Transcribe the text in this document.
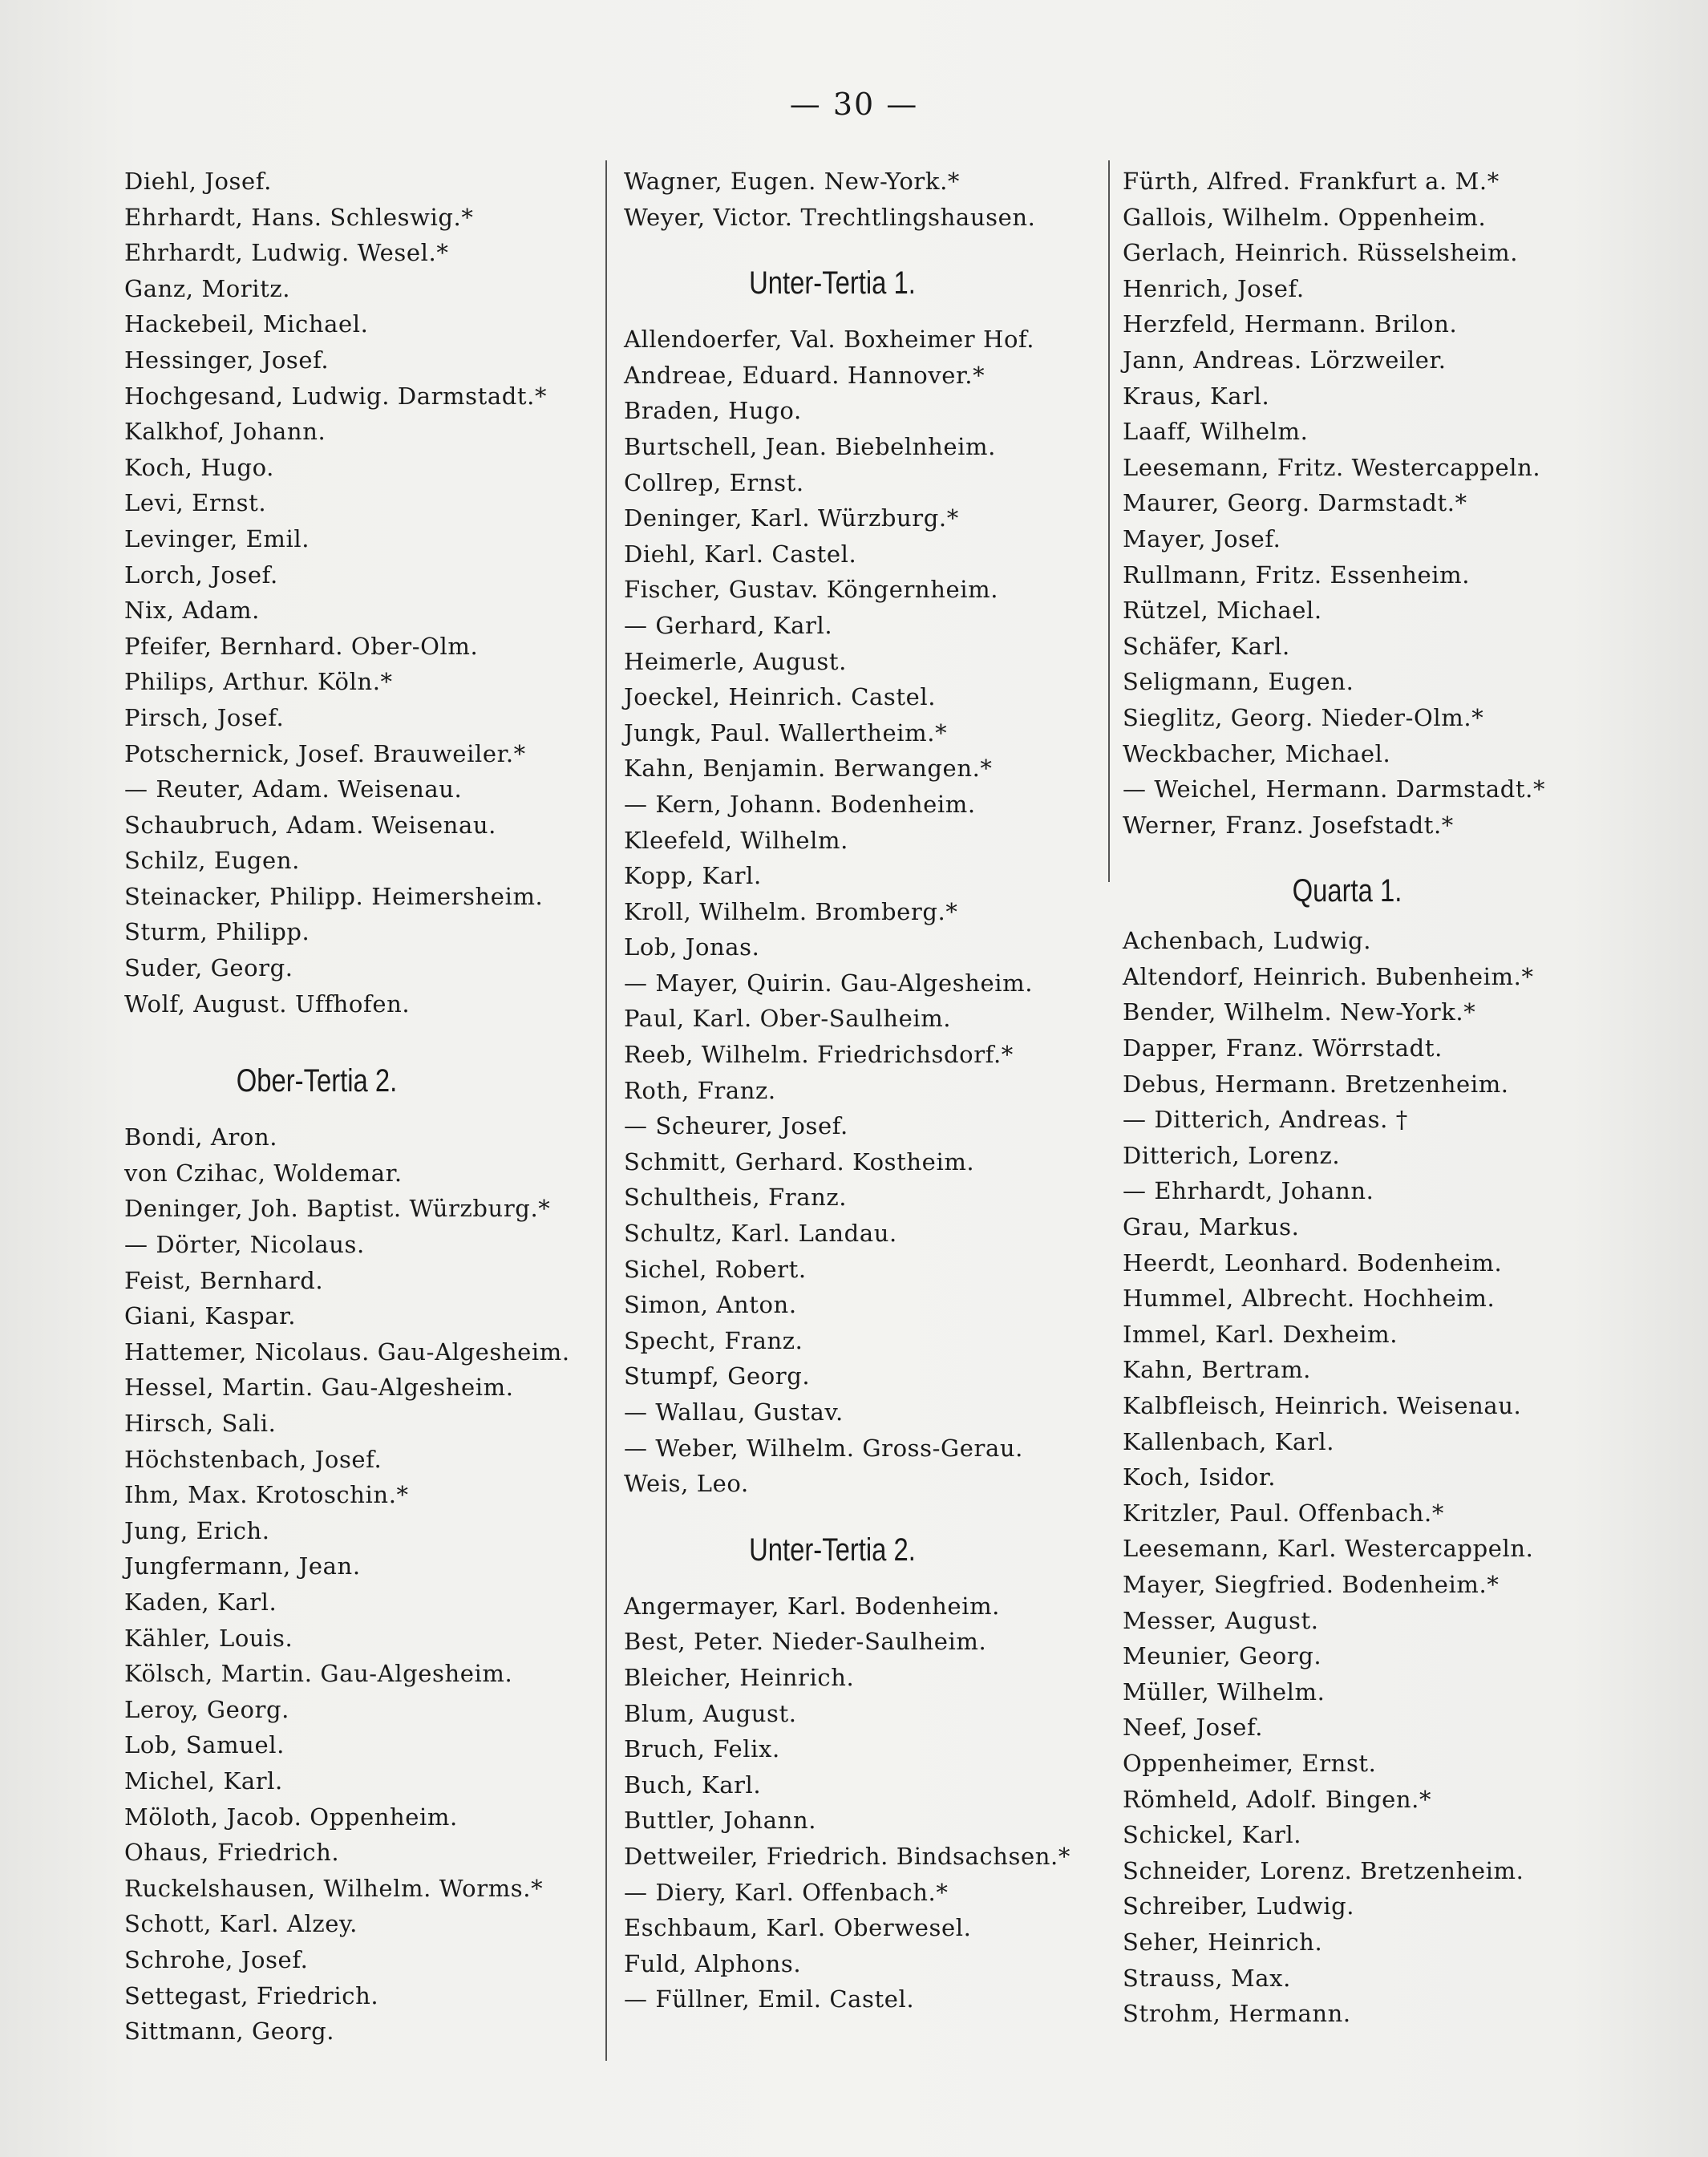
— 30 —
Diehl, Josef.
Ehrhardt, Hans. Schleswig.*
Ehrhardt, Ludwig. Wesel.*
Ganz, Moritz.
Hackebeil, Michael.
Hessinger, Josef.
Hochgesand, Ludwig. Darmstadt.*
Kalkhof, Johann.
Koch, Hugo.
Levi, Ernst.
Levinger, Emil.
Lorch, Josef.
Nix, Adam.
Pfeifer, Bernhard. Ober-Olm.
Philips, Arthur. Köln.*
Pirsch, Josef.
Potschernick, Josef. Brauweiler.*
— Reuter, Adam. Weisenau.
Schaubruch, Adam. Weisenau.
Schilz, Eugen.
Steinacker, Philipp. Heimersheim.
Sturm, Philipp.
Suder, Georg.
Wolf, August. Uffhofen.
Ober-Tertia 2.
Bondi, Aron.
von Czihac, Woldemar.
Deninger, Joh. Baptist. Würzburg.*
— Dörter, Nicolaus.
Feist, Bernhard.
Giani, Kaspar.
Hattemer, Nicolaus. Gau-Algesheim.
Hessel, Martin. Gau-Algesheim.
Hirsch, Sali.
Höchstenbach, Josef.
Ihm, Max. Krotoschin.*
Jung, Erich.
Jungfermann, Jean.
Kaden, Karl.
Kähler, Louis.
Kölsch, Martin. Gau-Algesheim.
Leroy, Georg.
Lob, Samuel.
Michel, Karl.
Möloth, Jacob. Oppenheim.
Ohaus, Friedrich.
Ruckelshausen, Wilhelm. Worms.*
Schott, Karl. Alzey.
Schrohe, Josef.
Settegast, Friedrich.
Sittmann, Georg.
Wagner, Eugen. New-York.*
Weyer, Victor. Trechtlingshausen.
Unter-Tertia 1.
Allendoerfer, Val. Boxheimer Hof.
Andreae, Eduard. Hannover.*
Braden, Hugo.
Burtschell, Jean. Biebelnheim.
Collrep, Ernst.
Deninger, Karl. Würzburg.*
Diehl, Karl. Castel.
Fischer, Gustav. Köngernheim.
— Gerhard, Karl.
Heimerle, August.
Joeckel, Heinrich. Castel.
Jungk, Paul. Wallertheim.*
Kahn, Benjamin. Berwangen.*
— Kern, Johann. Bodenheim.
Kleefeld, Wilhelm.
Kopp, Karl.
Kroll, Wilhelm. Bromberg.*
Lob, Jonas.
— Mayer, Quirin. Gau-Algesheim.
Paul, Karl. Ober-Saulheim.
Reeb, Wilhelm. Friedrichsdorf.*
Roth, Franz.
— Scheurer, Josef.
Schmitt, Gerhard. Kostheim.
Schultheis, Franz.
Schultz, Karl. Landau.
Sichel, Robert.
Simon, Anton.
Specht, Franz.
Stumpf, Georg.
— Wallau, Gustav.
— Weber, Wilhelm. Gross-Gerau.
Weis, Leo.
Unter-Tertia 2.
Angermayer, Karl. Bodenheim.
Best, Peter. Nieder-Saulheim.
Bleicher, Heinrich.
Blum, August.
Bruch, Felix.
Buch, Karl.
Buttler, Johann.
Dettweiler, Friedrich. Bindsachsen.*
— Diery, Karl. Offenbach.*
Eschbaum, Karl. Oberwesel.
Fuld, Alphons.
— Füllner, Emil. Castel.
Fürth, Alfred. Frankfurt a. M.*
Gallois, Wilhelm. Oppenheim.
Gerlach, Heinrich. Rüsselsheim.
Henrich, Josef.
Herzfeld, Hermann. Brilon.
Jann, Andreas. Lörzweiler.
Kraus, Karl.
Laaff, Wilhelm.
Leesemann, Fritz. Westercappeln.
Maurer, Georg. Darmstadt.*
Mayer, Josef.
Rullmann, Fritz. Essenheim.
Rützel, Michael.
Schäfer, Karl.
Seligmann, Eugen.
Sieglitz, Georg. Nieder-Olm.*
Weckbacher, Michael.
— Weichel, Hermann. Darmstadt.*
Werner, Franz. Josefstadt.*
Quarta 1.
Achenbach, Ludwig.
Altendorf, Heinrich. Bubenheim.*
Bender, Wilhelm. New-York.*
Dapper, Franz. Wörrstadt.
Debus, Hermann. Bretzenheim.
— Ditterich, Andreas. †
Ditterich, Lorenz.
— Ehrhardt, Johann.
Grau, Markus.
Heerdt, Leonhard. Bodenheim.
Hummel, Albrecht. Hochheim.
Immel, Karl. Dexheim.
Kahn, Bertram.
Kalbfleisch, Heinrich. Weisenau.
Kallenbach, Karl.
Koch, Isidor.
Kritzler, Paul. Offenbach.*
Leesemann, Karl. Westercappeln.
Mayer, Siegfried. Bodenheim.*
Messer, August.
Meunier, Georg.
Müller, Wilhelm.
Neef, Josef.
Oppenheimer, Ernst.
Römheld, Adolf. Bingen.*
Schickel, Karl.
Schneider, Lorenz. Bretzenheim.
Schreiber, Ludwig.
Seher, Heinrich.
Strauss, Max.
Strohm, Hermann.
